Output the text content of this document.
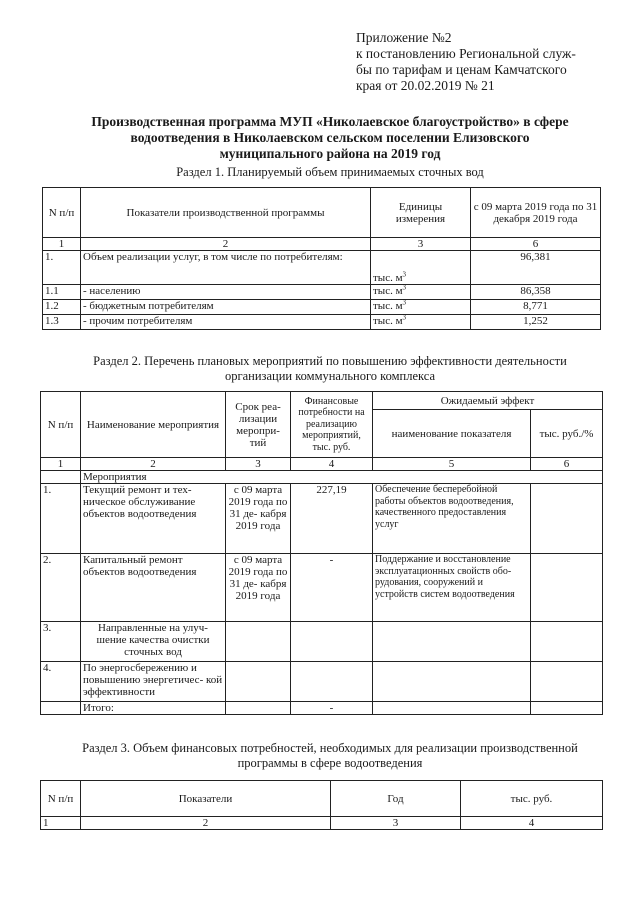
Приложение №2
к постановлению Региональной служ-
бы по тарифам и ценам Камчатского
края от 20.02.2019 № 21
Производственная программа МУП «Николаевское благоустройство» в сфере
водоотведения в Николаевском сельском поселении Елизовского
муниципального района на 2019 год
Раздел 1. Планируемый объем принимаемых сточных вод
N п/п	Показатели производственной программы	Единицы измерения	с 09 марта 2019 года по 31 декабря 2019 года
1	2	3	6
1.	Объем реализации услуг, в том числе по потребителям:	тыс. $м^3$	96,381
1.1	- населению	тыс. $м^3$	86,358
1.2	- бюджетным потребителям	тыс. $м^3$	8,771
1.3	- прочим потребителям	тыс. $м^3$	1,252
Раздел 2. Перечень плановых мероприятий по повышению эффективности деятельности
организации коммунального комплекса
N п/п	Наименование мероприятия	Срок реа- лизации меропри- тий	Финансовые потребности на реализацию мероприятий, тыс. руб.	Ожидаемый эффект	
				наименование показателя	тыс. руб./%
1	2	3	4	5	6
	Мероприятия				
1.	Текущий ремонт и тех- ническое обслуживание объектов водоотведения	с 09 марта 2019 года по 31 де- кабря 2019 года	227,19	Обеспечение бесперебойной работы объектов водоотведения, качественного предоставления услуг	
2.	Капитальный ремонт объектов водоотведения	с 09 марта 2019 года по 31 де- кабря 2019 года	-	Поддержание и восстановление эксплуатационных свойств обо- рудования, сооружений и устройств систем водоотведения	
3.	Направленные на улуч- шение качества очистки сточных вод				
4.	По энергосбережению и повышению энергетичес- кой эффективности				
	Итого:		-		
Раздел 3. Объем финансовых потребностей, необходимых для реализации производственной
программы в сфере водоотведения
N п/п	Показатели	Год	тыс. руб.
1	2	3	4
